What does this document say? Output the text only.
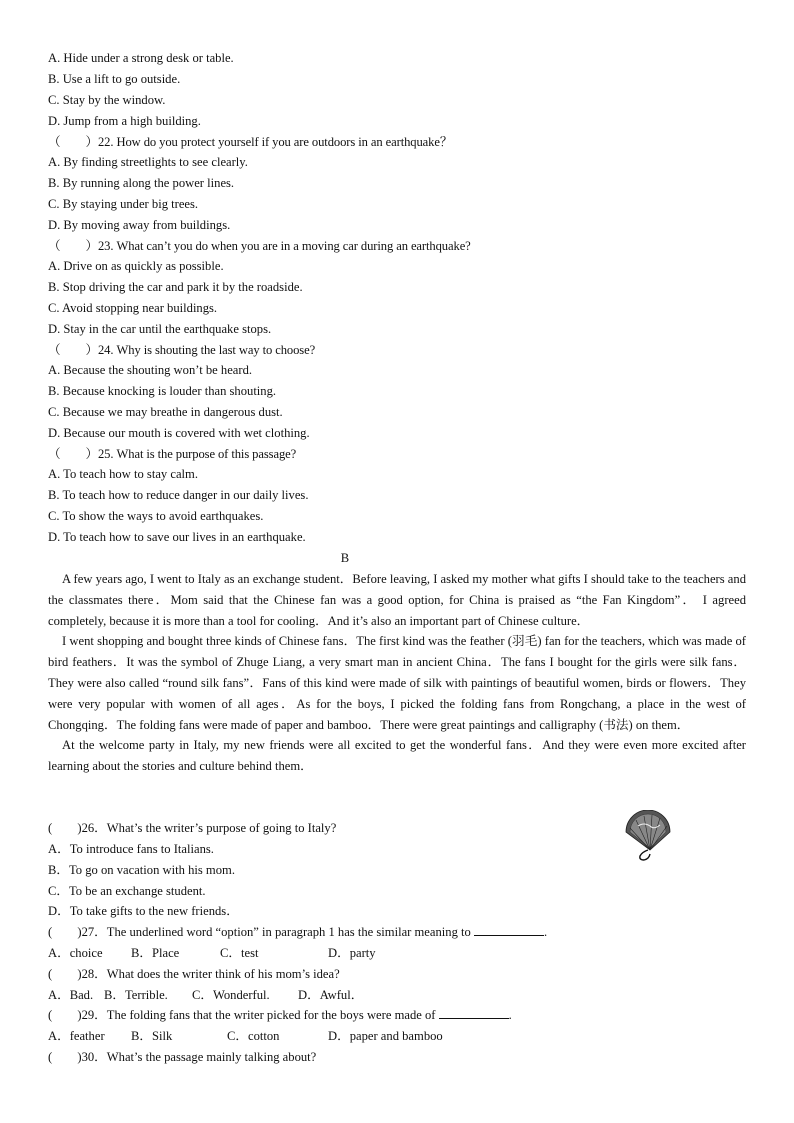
A. Hide under a strong desk or table.
B. Use a lift to go outside.
C. Stay by the window.
D. Jump from a high building.
（　　）22. How do you protect yourself if you are outdoors in an earthquake？
A. By finding streetlights to see clearly.
B. By running along the power lines.
C. By staying under big trees.
D. By moving away from buildings.
（　　）23. What can’t you do when you are in a moving car during an earthquake?
A. Drive on as quickly as possible.
B. Stop driving the car and park it by the roadside.
C. Avoid stopping near buildings.
D. Stay in the car until the earthquake stops.
（　　）24. Why is shouting the last way to choose?
A. Because the shouting won’t be heard.
B. Because knocking is louder than shouting.
C. Because we may breathe in dangerous dust.
D. Because our mouth is covered with wet clothing.
（　　）25. What is the purpose of this passage?
A. To teach how to stay calm.
B. To teach how to reduce danger in our daily lives.
C. To show the ways to avoid earthquakes.
D. To teach how to save our lives in an earthquake.
B
A few years ago, I went to Italy as an exchange student．Before leaving, I asked my mother what gifts I should take to the teachers and the classmates there．Mom said that the Chinese fan was a good option, for China is praised as “the Fan Kingdom”． I agreed completely, because it is more than a tool for cooling．And it’s also an important part of Chinese culture．
I went shopping and bought three kinds of Chinese fans．The first kind was the feather (羽毛) fan for the teachers, which was made of bird feathers．It was the symbol of Zhuge Liang, a very smart man in ancient China．The fans I bought for the girls were silk fans．They were also called “round silk fans”．Fans of this kind were made of silk with paintings of beautiful women, birds or flowers．They were very popular with women of all ages．As for the boys, I picked the folding fans from Rongchang, a place in the west of Chongqing．The folding fans were made of paper and bamboo．There were great paintings and calligraphy (书法) on them．
At the welcome party in Italy, my new friends were all excited to get the wonderful fans．And they were even more excited after learning about the stories and culture behind them．
(　　)26．What’s the writer’s purpose of going to Italy?
A．To introduce fans to Italians.
B．To go on vacation with his mom.
C．To be an exchange student.
D．To take gifts to the new friends．
(　　)27．The underlined word “option” in paragraph 1 has the similar meaning to	.
A．choice B．Place	C．test	D．party
(　　)28．What does the writer think of his mom’s idea?
A．Bad. B．Terrible. C．Wonderful. D．Awful．
(　　)29．The folding fans that the writer picked for the boys were made of	.
A．feather B．Silk	C．cotton	D．paper and bamboo
(　　)30．What’s the passage mainly talking about?
